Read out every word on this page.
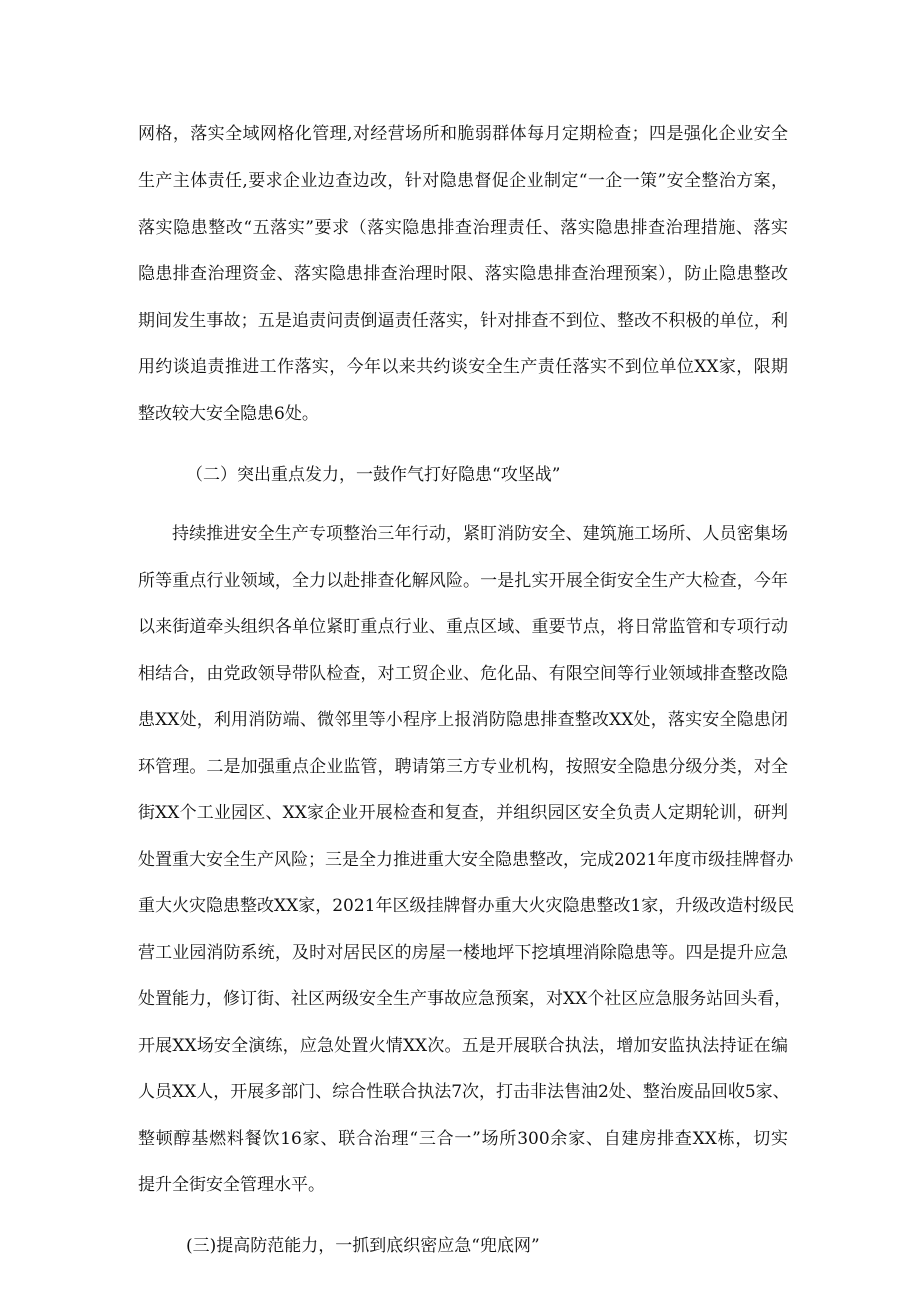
网格，落实全域网格化管理,对经营场所和脆弱群体每月定期检查；四是强化企业安全
生产主体责任,要求企业边查边改，针对隐患督促企业制定“一企一策”安全整治方案，
落实隐患整改“五落实”要求（落实隐患排查治理责任、落实隐患排查治理措施、落实
隐患排查治理资金、落实隐患排查治理时限、落实隐患排查治理预案），防止隐患整改
期间发生事故；五是追责问责倒逼责任落实，针对排查不到位、整改不积极的单位，利
用约谈追责推进工作落实，今年以来共约谈安全生产责任落实不到位单位XX家，限期
整改较大安全隐患6处。
（二）突出重点发力，一鼓作气打好隐患“攻坚战”
持续推进安全生产专项整治三年行动，紧盯消防安全、建筑施工场所、人员密集场
所等重点行业领域，全力以赴排查化解风险。一是扎实开展全街安全生产大检查，今年
以来街道牵头组织各单位紧盯重点行业、重点区域、重要节点，将日常监管和专项行动
相结合，由党政领导带队检查，对工贸企业、危化品、有限空间等行业领域排查整改隐
患XX处，利用消防端、微邻里等小程序上报消防隐患排查整改XX处，落实安全隐患闭
环管理。二是加强重点企业监管，聘请第三方专业机构，按照安全隐患分级分类，对全
街XX个工业园区、XX家企业开展检查和复查，并组织园区安全负责人定期轮训，研判
处置重大安全生产风险；三是全力推进重大安全隐患整改，完成2021年度市级挂牌督办
重大火灾隐患整改XX家，2021年区级挂牌督办重大火灾隐患整改1家，升级改造村级民
营工业园消防系统，及时对居民区的房屋一楼地坪下挖填埋消除隐患等。四是提升应急
处置能力，修订街、社区两级安全生产事故应急预案，对XX个社区应急服务站回头看，
开展XX场安全演练，应急处置火情XX次。五是开展联合执法，增加安监执法持证在编
人员XX人，开展多部门、综合性联合执法7次，打击非法售油2处、整治废品回收5家、
整顿醇基燃料餐饮16家、联合治理“三合一”场所300余家、自建房排查XX栋，切实
提升全街安全管理水平。
(三)提高防范能力，一抓到底织密应急“兜底网”
